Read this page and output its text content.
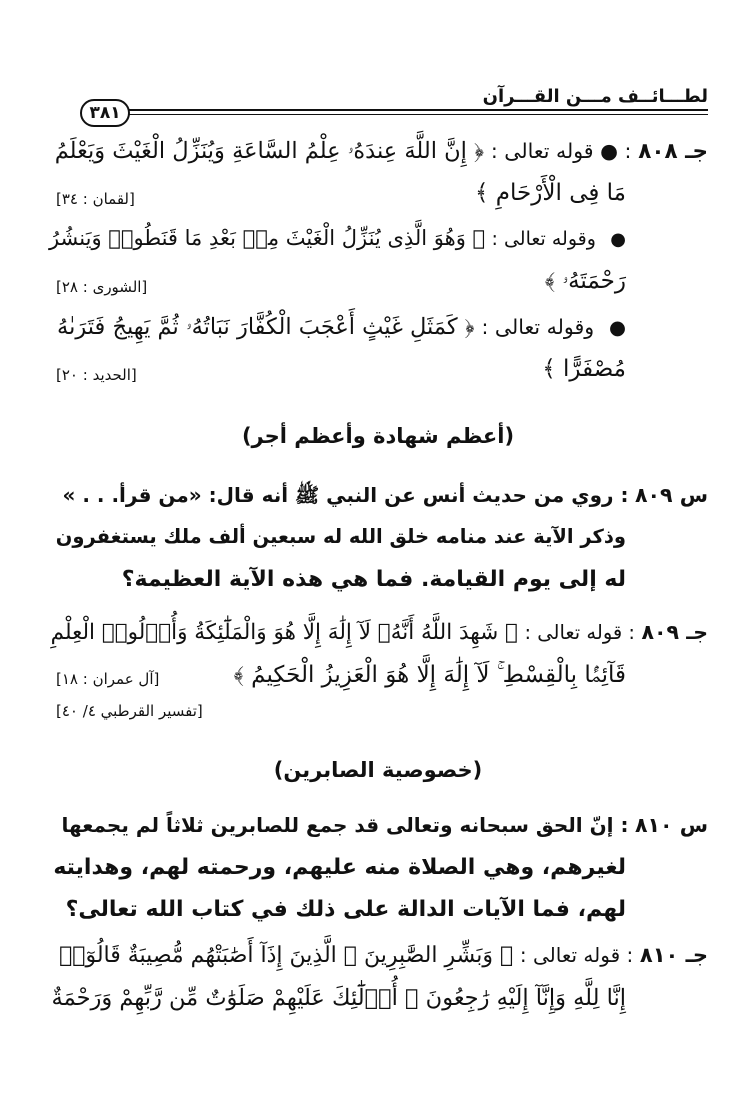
لطـــائــف مـــن القـــرآن
٣٨١
جـ ٨٠٨ : ● قوله تعالى : ﴿ إِنَّ اللَّهَ عِندَهُۥ عِلْمُ السَّاعَةِ وَيُنَزِّلُ الْغَيْثَ وَيَعْلَمُ
مَا فِى الْأَرْحَامِ ﴾
[لقمان : ٣٤]
● وقوله تعالى : ﴿ وَهُوَ الَّذِى يُنَزِّلُ الْغَيْثَ مِنۢ بَعْدِ مَا قَنَطُوا۟ وَيَنشُرُ
رَحْمَتَهُۥ ﴾
[الشورى : ٢٨]
● وقوله تعالى : ﴿ كَمَثَلِ غَيْثٍ أَعْجَبَ الْكُفَّارَ نَبَاتُهُۥ ثُمَّ يَهِيجُ فَتَرَىٰهُ
مُصْفَرًّا ﴾
[الحديد : ٢٠]
(أعظم شهادة وأعظم أجر)
س ٨٠٩ : روي من حديث أنس عن النبي ﷺ أنه قال: «من قرأ. . . »
وذكر الآية عند منامه خلق الله له سبعين ألف ملك يستغفرون
له إلى يوم القيامة. فما هي هذه الآية العظيمة؟
جـ ٨٠٩ : قوله تعالى : ﴿ شَهِدَ اللَّهُ أَنَّهُۥ لَآ إِلَٰهَ إِلَّا هُوَ وَالْمَلَٰٓئِكَةُ وَأُو۟لُوا۟ الْعِلْمِ
قَآئِمًۢا بِالْقِسْطِ ۚ لَآ إِلَٰهَ إِلَّا هُوَ الْعَزِيزُ الْحَكِيمُ ﴾
[آل عمران : ١٨]
[تفسير القرطبي ٤/ ٤٠]
(خصوصية الصابرين)
س ٨١٠ : إنّ الحق سبحانه وتعالى قد جمع للصابرين ثلاثاً لم يجمعها
لغيرهم، وهي الصلاة منه عليهم، ورحمته لهم، وهدايته
لهم، فما الآيات الدالة على ذلك في كتاب الله تعالى؟
جـ ٨١٠ : قوله تعالى : ﴿ وَبَشِّرِ الصَّٰبِرِينَ ۞ الَّذِينَ إِذَآ أَصَٰبَتْهُم مُّصِيبَةٌ قَالُوٓا۟
إِنَّا لِلَّهِ وَإِنَّآ إِلَيْهِ رَٰجِعُونَ ۞ أُو۟لَٰٓئِكَ عَلَيْهِمْ صَلَوَٰتٌ مِّن رَّبِّهِمْ وَرَحْمَةٌ
